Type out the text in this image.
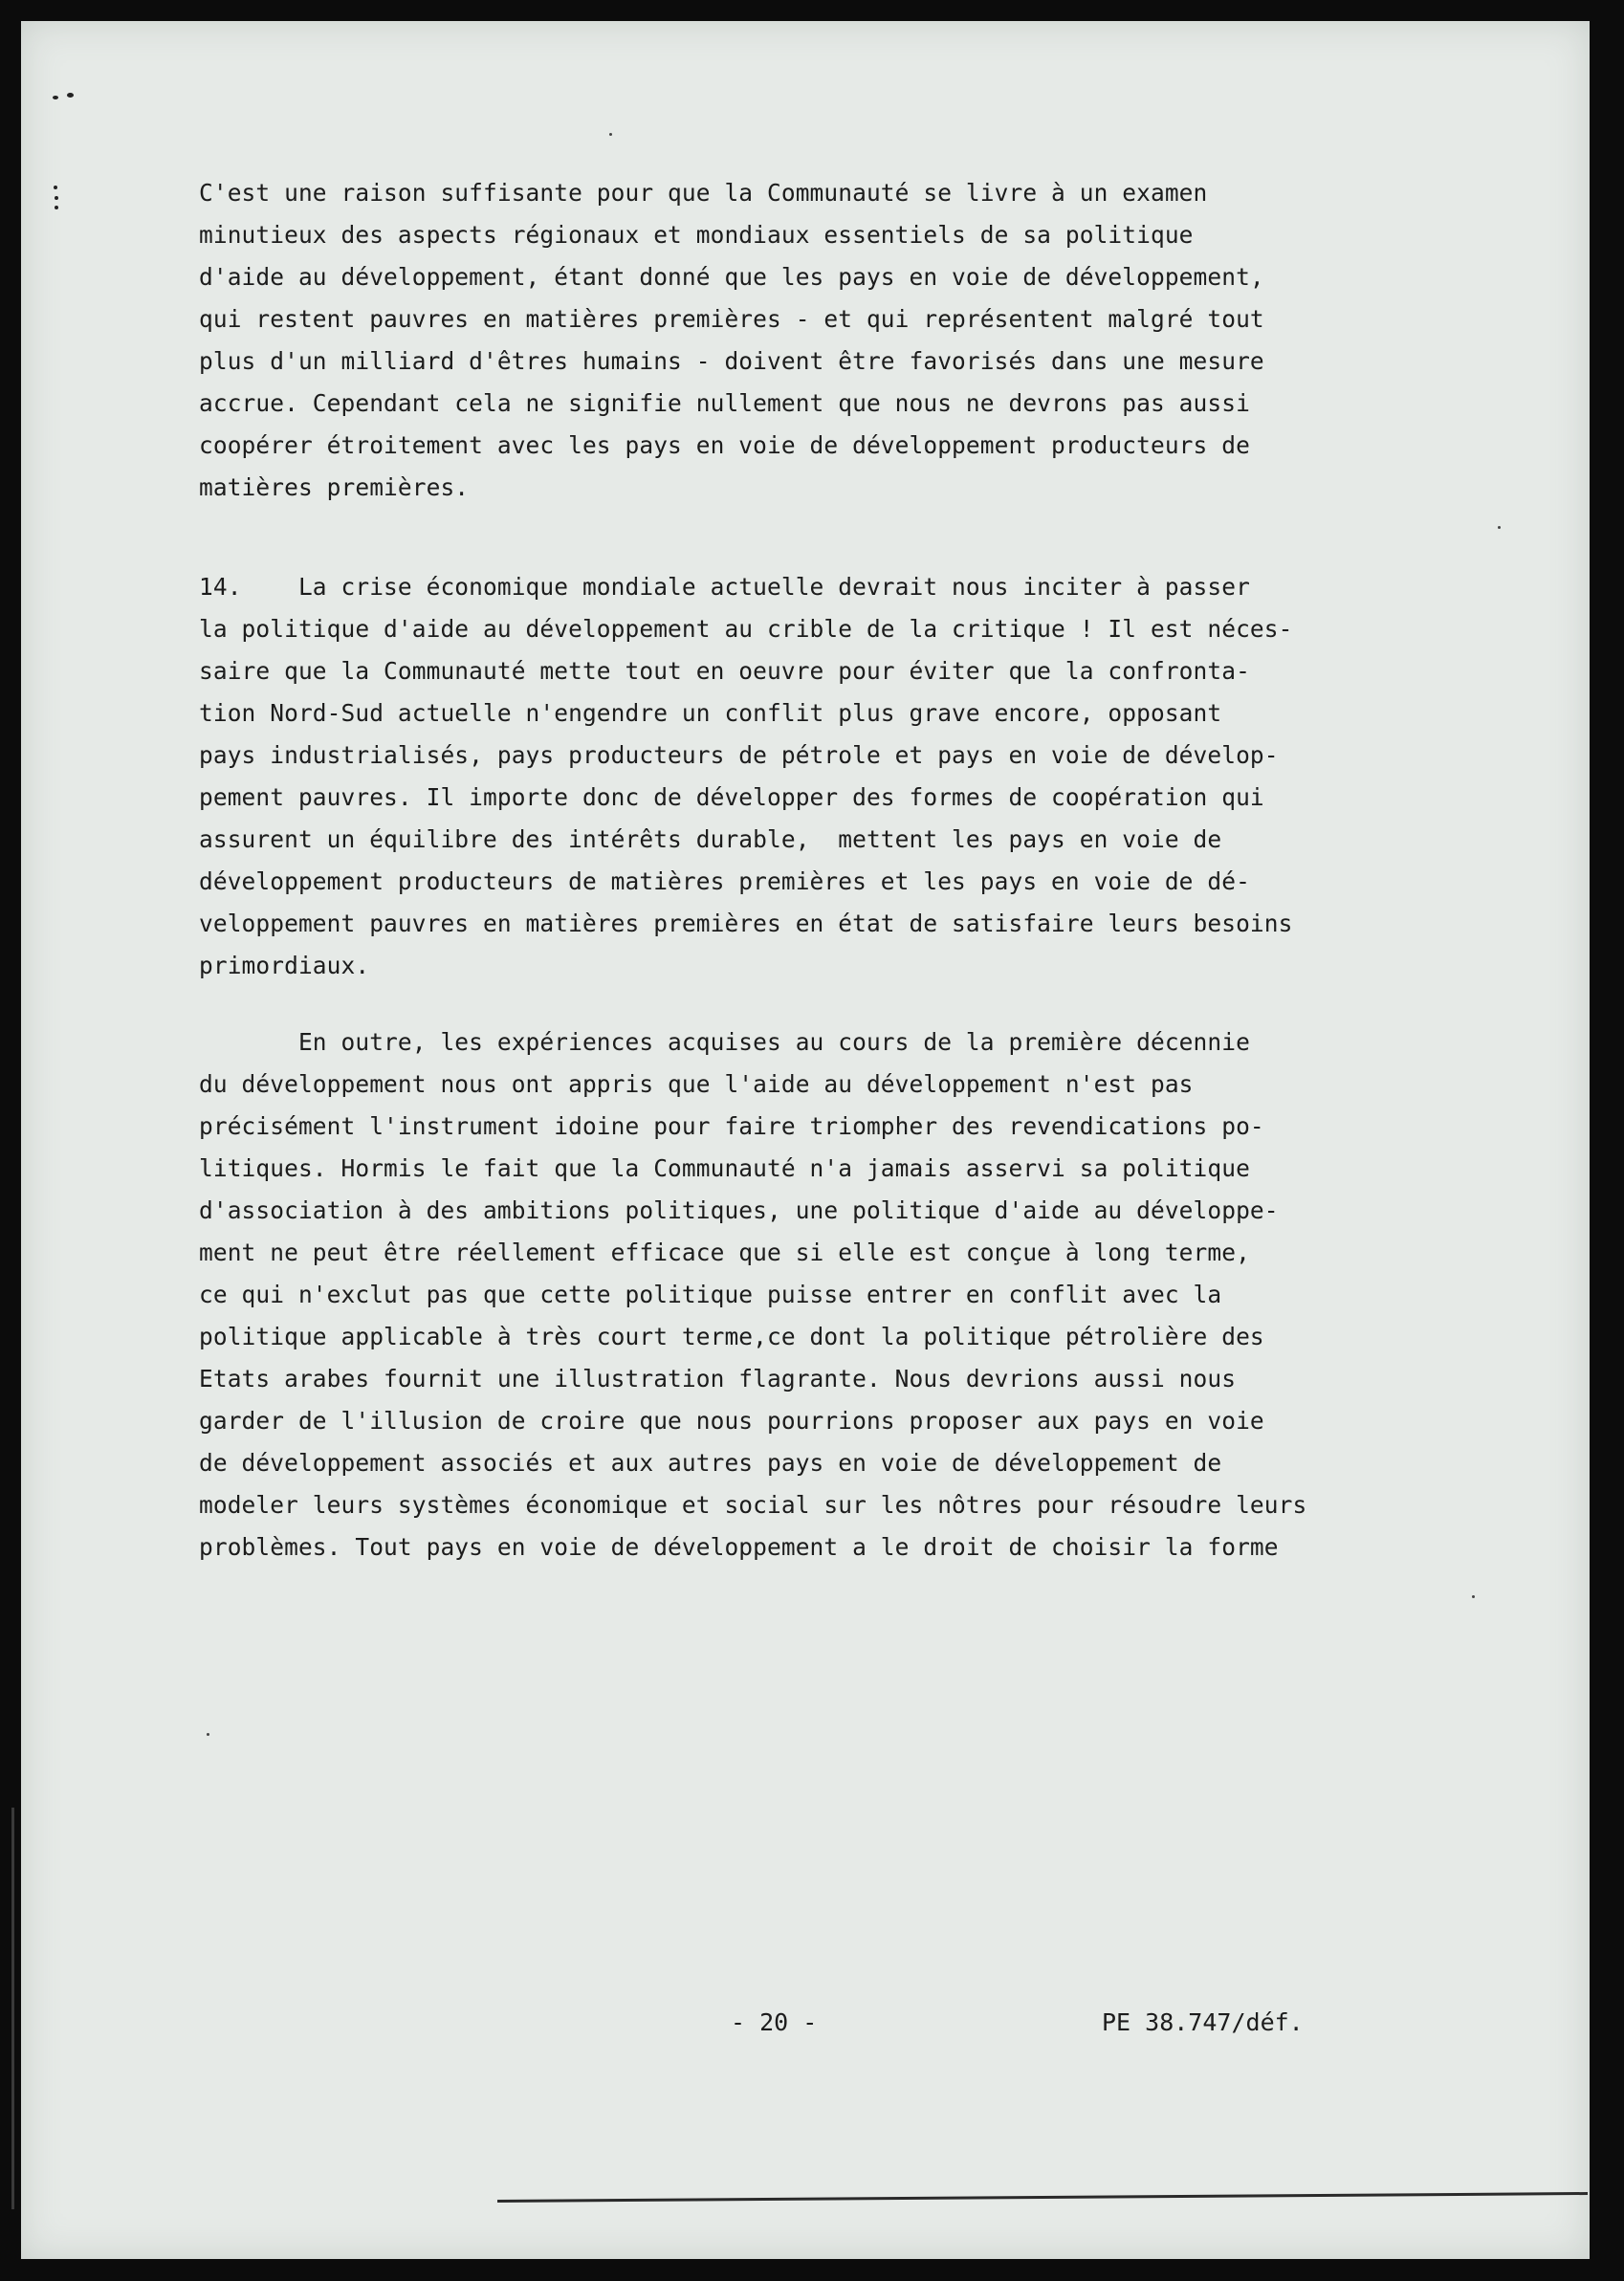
C'est une raison suffisante pour que la Communauté se livre à un examen
minutieux des aspects régionaux et mondiaux essentiels de sa politique
d'aide au développement, étant donné que les pays en voie de développement,
qui restent pauvres en matières premières - et qui représentent malgré tout
plus d'un milliard d'êtres humains - doivent être favorisés dans une mesure
accrue. Cependant cela ne signifie nullement que nous ne devrons pas aussi
coopérer étroitement avec les pays en voie de développement producteurs de
matières premières.
14.    La crise économique mondiale actuelle devrait nous inciter à passer
la politique d'aide au développement au crible de la critique ! Il est néces-
saire que la Communauté mette tout en oeuvre pour éviter que la confronta-
tion Nord-Sud actuelle n'engendre un conflit plus grave encore, opposant
pays industrialisés, pays producteurs de pétrole et pays en voie de dévelop-
pement pauvres. Il importe donc de développer des formes de coopération qui
assurent un équilibre des intérêts durable,  mettent les pays en voie de
développement producteurs de matières premières et les pays en voie de dé-
veloppement pauvres en matières premières en état de satisfaire leurs besoins
primordiaux.
En outre, les expériences acquises au cours de la première décennie
du développement nous ont appris que l'aide au développement n'est pas
précisément l'instrument idoine pour faire triompher des revendications po-
litiques. Hormis le fait que la Communauté n'a jamais asservi sa politique
d'association à des ambitions politiques, une politique d'aide au développe-
ment ne peut être réellement efficace que si elle est conçue à long terme,
ce qui n'exclut pas que cette politique puisse entrer en conflit avec la
politique applicable à très court terme,ce dont la politique pétrolière des
Etats arabes fournit une illustration flagrante. Nous devrions aussi nous
garder de l'illusion de croire que nous pourrions proposer aux pays en voie
de développement associés et aux autres pays en voie de développement de
modeler leurs systèmes économique et social sur les nôtres pour résoudre leurs
problèmes. Tout pays en voie de développement a le droit de choisir la forme
- 20 -	PE 38.747/déf.
